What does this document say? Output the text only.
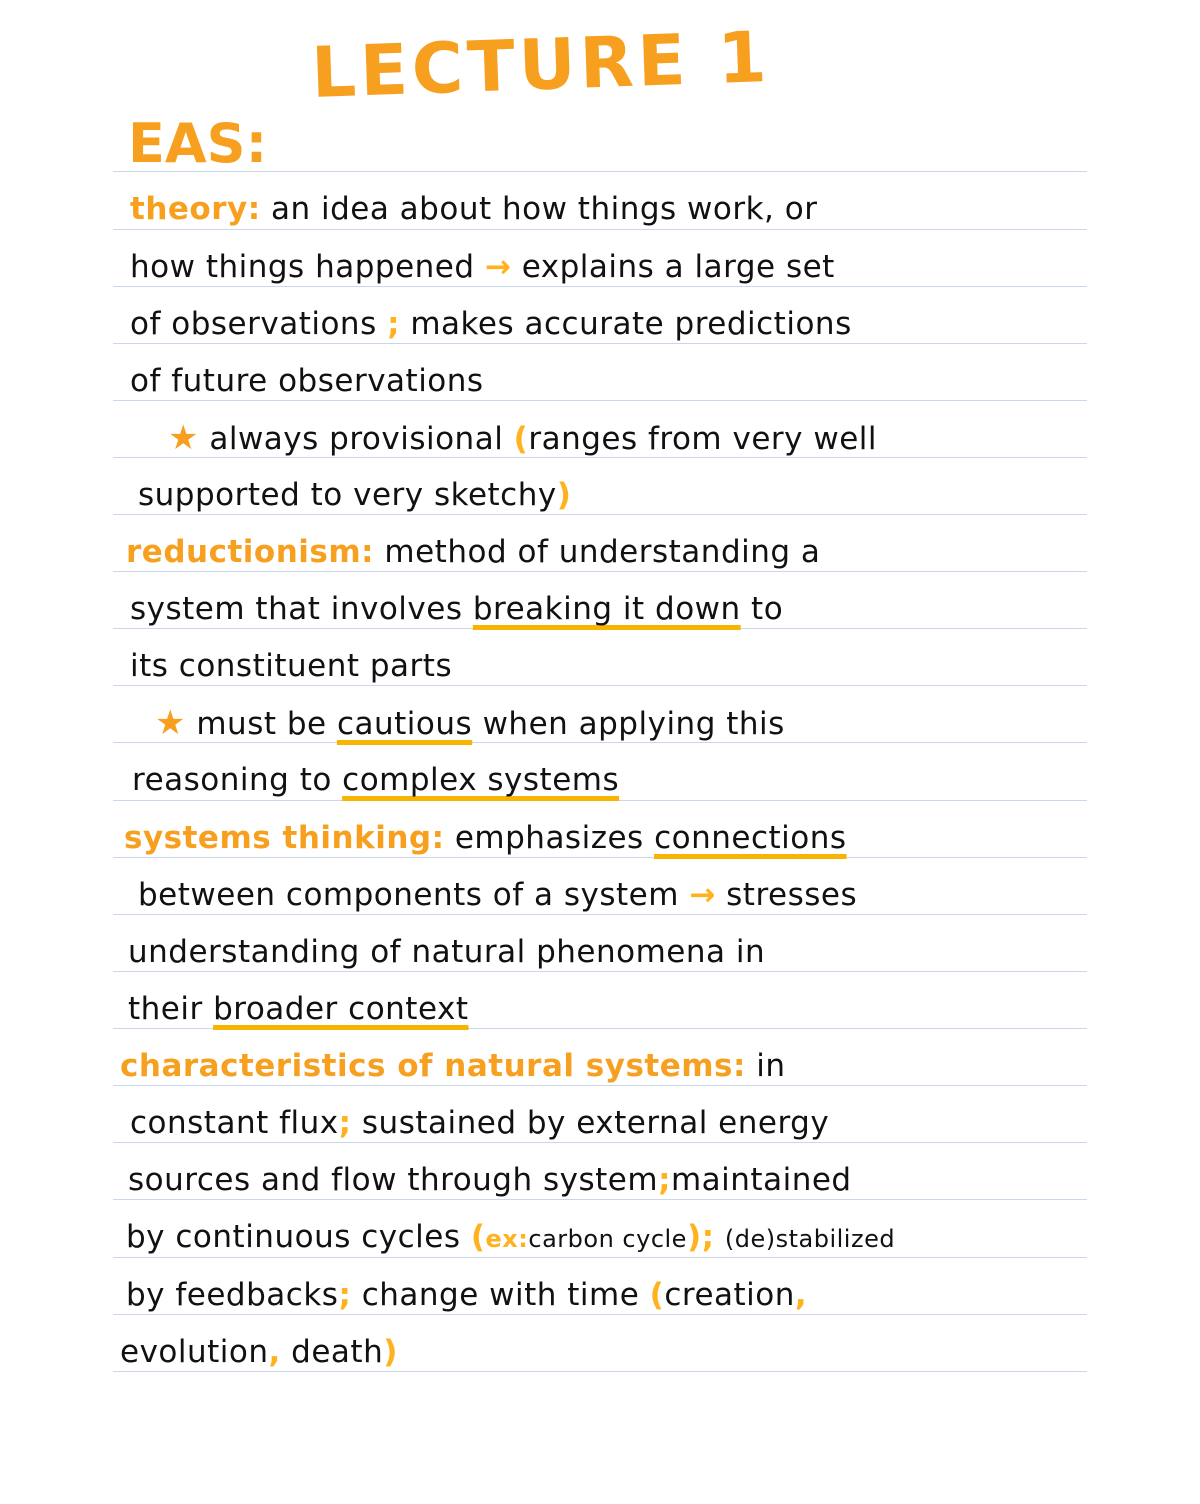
LECTURE 1
EAS:
theory: an idea about how things work, or
how things happened → explains a large set
of observations ; makes accurate predictions
of future observations
★ always provisional (ranges from very well
supported to very sketchy)
reductionism: method of understanding a
system that involves breaking it down to
its constituent parts
★ must be cautious when applying this
reasoning to complex systems
systems thinking: emphasizes connections
between components of a system → stresses
understanding of natural phenomena in
their broader context
characteristics of natural systems: in
constant flux; sustained by external energy
sources and flow through system;maintained
by continuous cycles (ex:carbon cycle); (de)stabilized
by feedbacks; change with time (creation,
evolution, death)
